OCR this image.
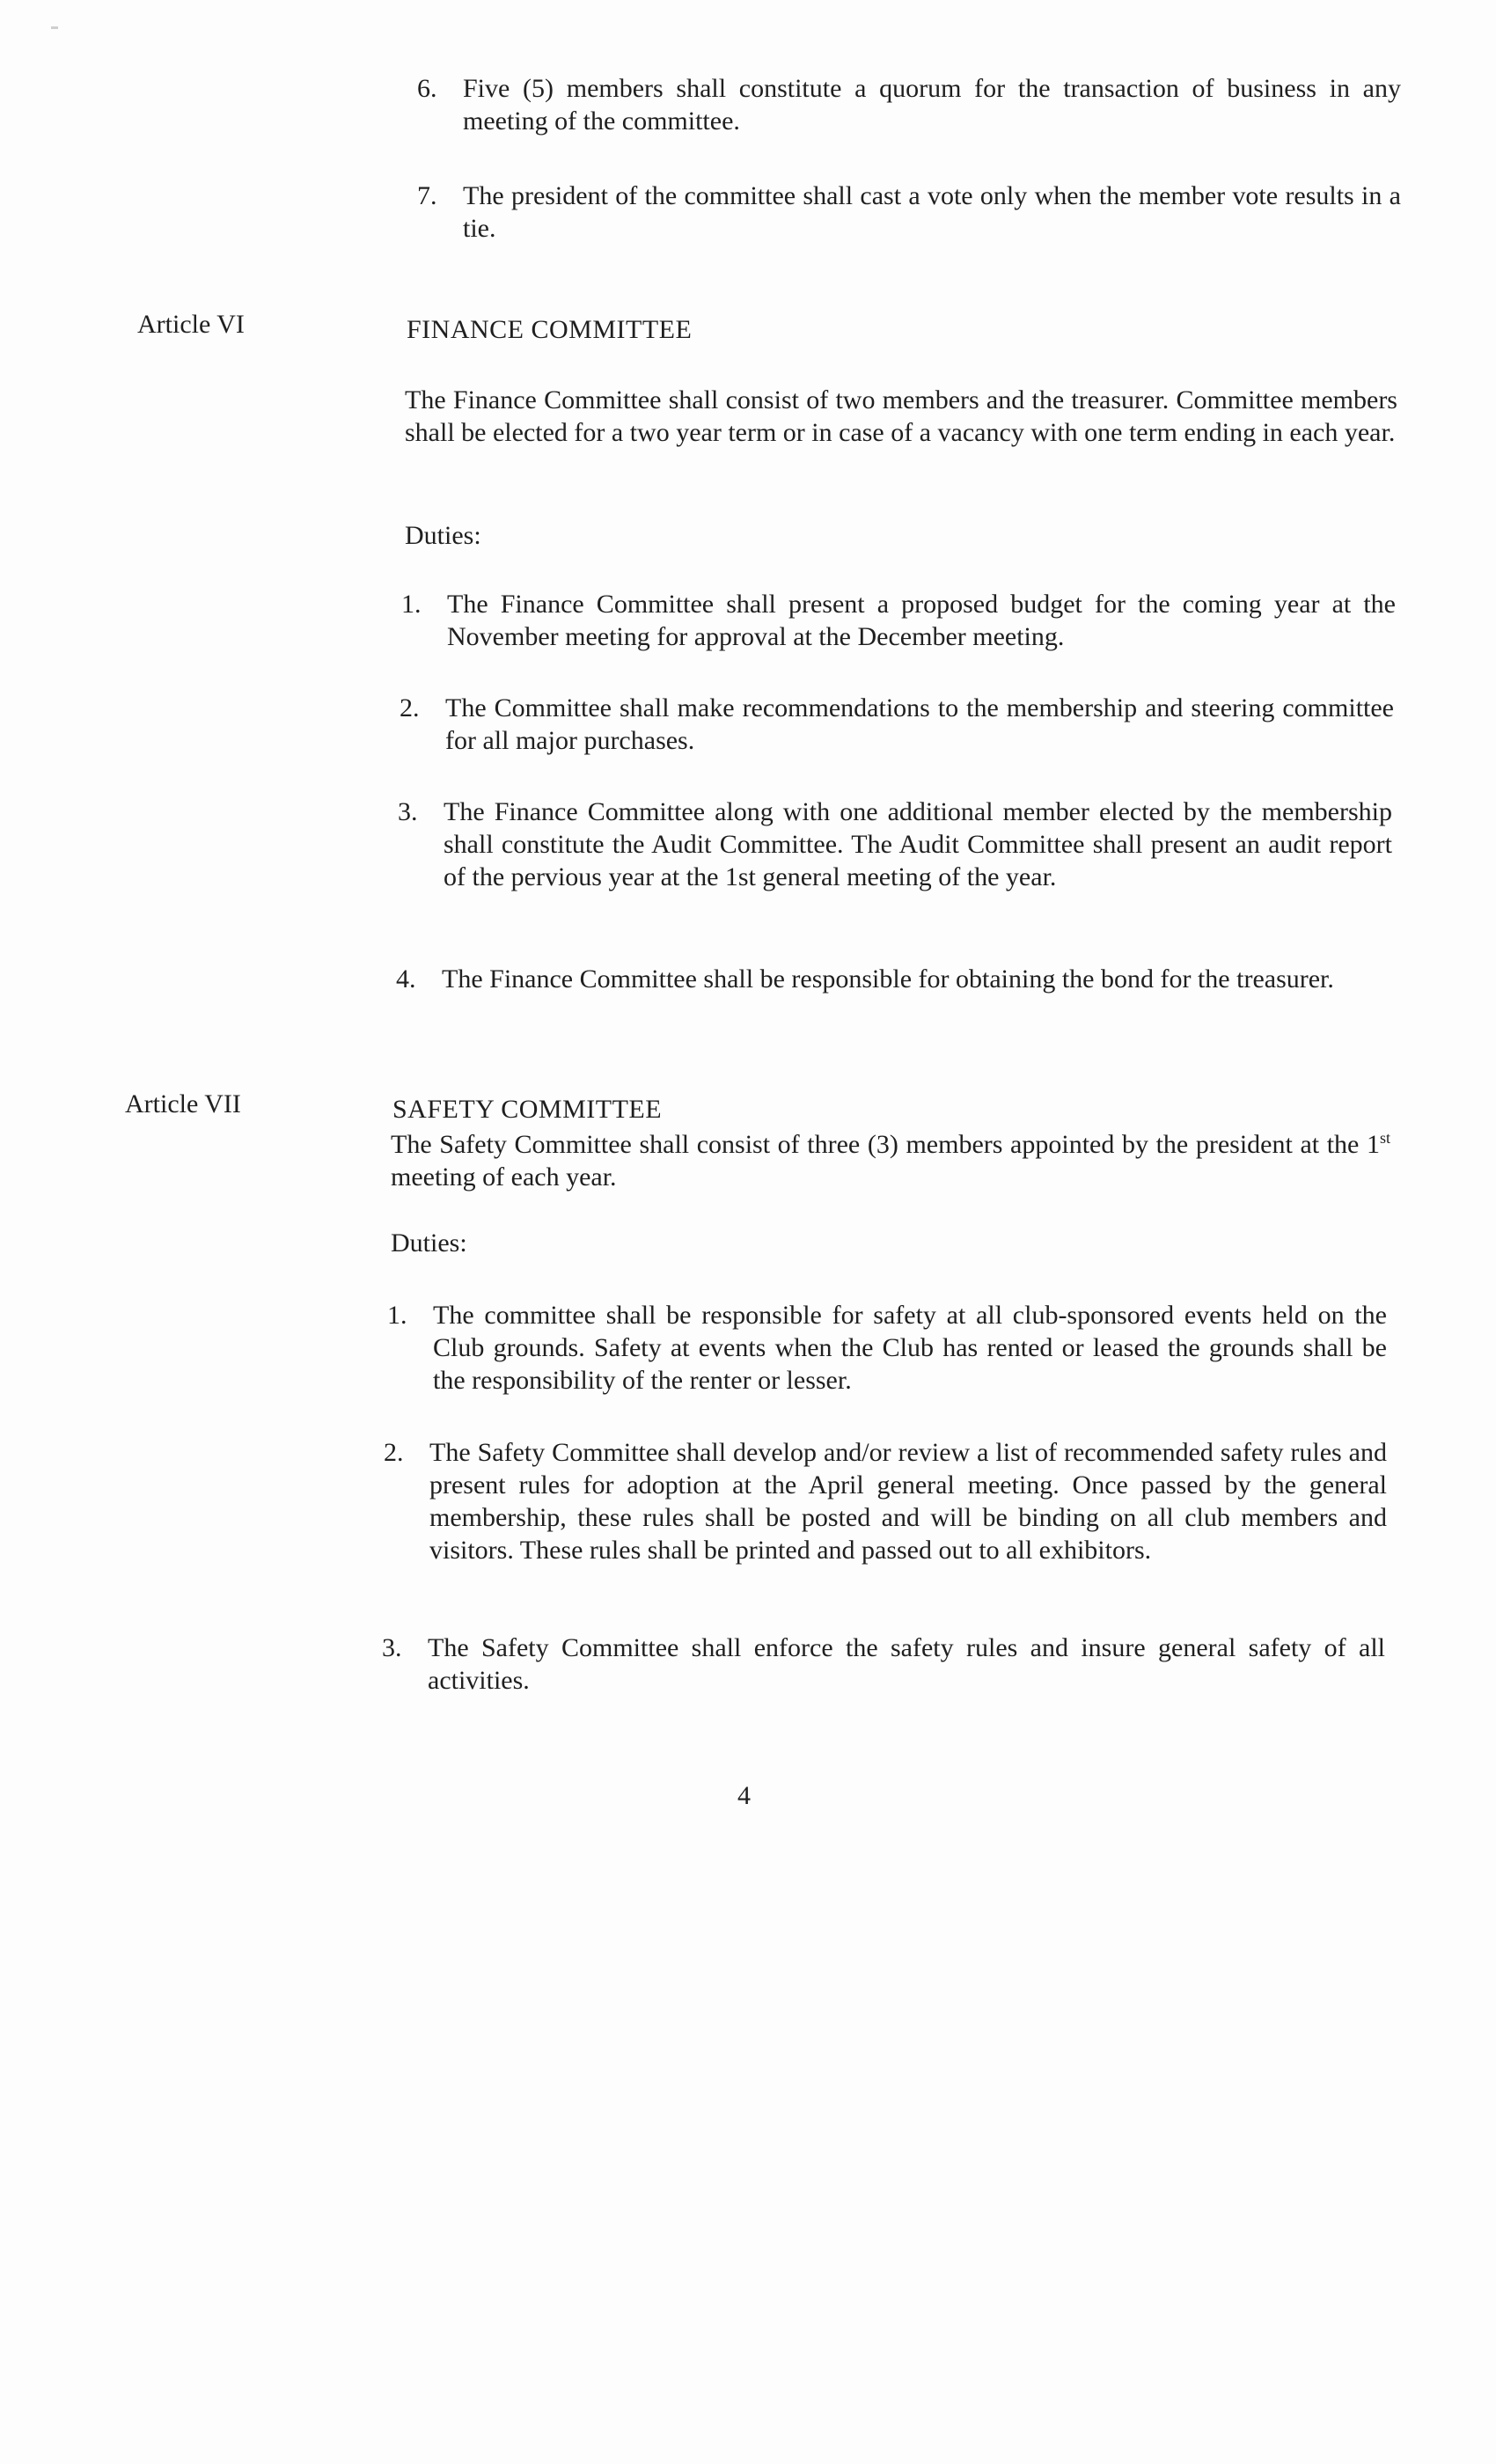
6. Five (5) members shall constitute a quorum for the transaction of business in any meeting of the committee.
7. The president of the committee shall cast a vote only when the member vote results in a tie.
Article VI	FINANCE COMMITTEE
The Finance Committee shall consist of two members and the treasurer. Committee members shall be elected for a two year term or in case of a vacancy with one term ending in each year.
Duties:
1. The Finance Committee shall present a proposed budget for the coming year at the November meeting for approval at the December meeting.
2. The Committee shall make recommendations to the membership and steering committee for all major purchases.
3. The Finance Committee along with one additional member elected by the membership shall constitute the Audit Committee. The Audit Committee shall present an audit report of the pervious year at the 1st general meeting of the year.
4. The Finance Committee shall be responsible for obtaining the bond for the treasurer.
Article VII	SAFETY COMMITTEE
The Safety Committee shall consist of three (3) members appointed by the president at the 1st meeting of each year.
Duties:
1. The committee shall be responsible for safety at all club-sponsored events held on the Club grounds. Safety at events when the Club has rented or leased the grounds shall be the responsibility of the renter or lesser.
2. The Safety Committee shall develop and/or review a list of recommended safety rules and present rules for adoption at the April general meeting. Once passed by the general membership, these rules shall be posted and will be binding on all club members and visitors. These rules shall be printed and passed out to all exhibitors.
3. The Safety Committee shall enforce the safety rules and insure general safety of all activities.
4
